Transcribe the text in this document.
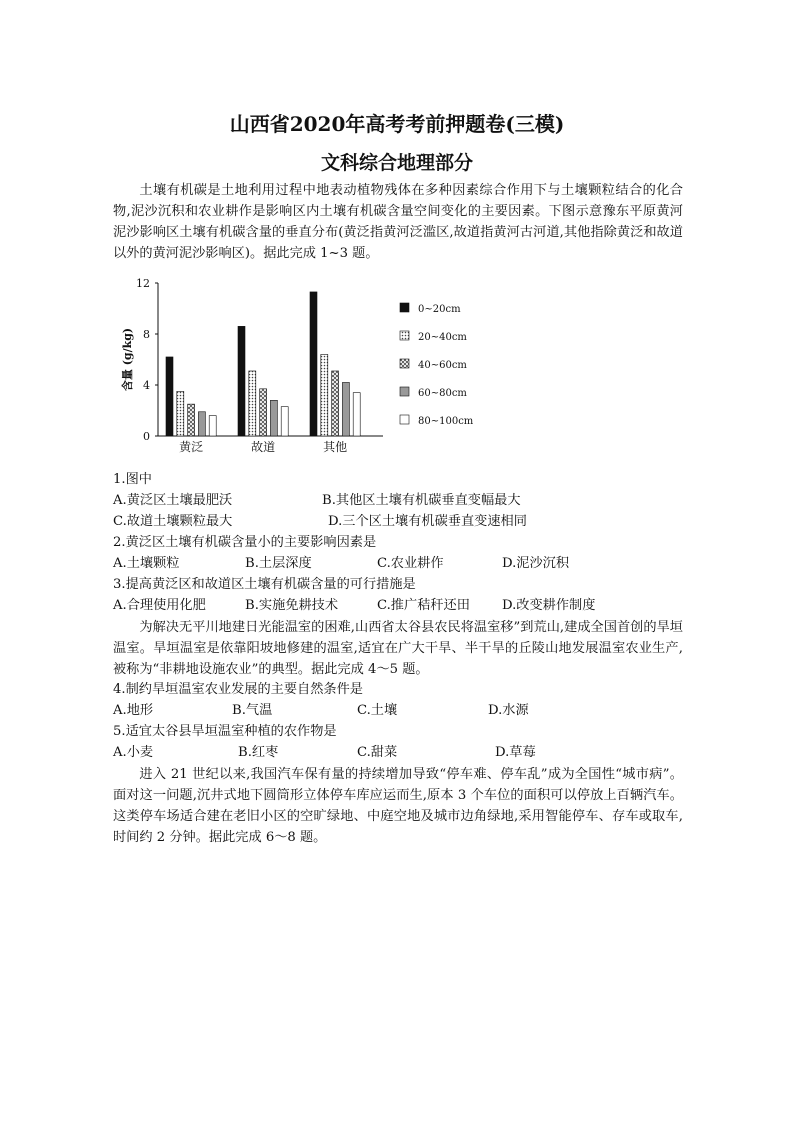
山西省2020年高考考前押题卷(三模)
文科综合地理部分

土壤有机碳是土地利用过程中地表动植物残体在多种因素综合作用下与土壤颗粒结合的化合物,泥沙沉积和农业耕作是影响区内土壤有机碳含量空间变化的主要因素。下图示意豫东平原黄河泥沙影响区土壤有机碳含量的垂直分布(黄泛指黄河泛滥区,故道指黄河古河道,其他指除黄泛和故道以外的黄河泥沙影响区)。据此完成 1~3 题。

0
4
8
12
含量 (g/kg)
黄泛	故道	其他
0~20cm
20~40cm
40~60cm
60~80cm
80~100cm
1.图中
A.黄泛区土壤最肥沃	B.其他区土壤有机碳垂直变幅最大
C.故道土壤颗粒最大	D.三个区土壤有机碳垂直变速相同
2.黄泛区土壤有机碳含量小的主要影响因素是
A.土壤颗粒	B.土层深度	C.农业耕作	D.泥沙沉积
3.提高黄泛区和故道区土壤有机碳含量的可行措施是
A.合理使用化肥	B.实施免耕技术	C.推广秸秆还田 D.改变耕作制度

为解决无平川地建日光能温室的困难,山西省太谷县农民将温室移”到荒山,建成全国首创的旱垣温室。旱垣温室是依靠阳坡地修建的温室,适宜在广大干旱、半干旱的丘陵山地发展温室农业生产,被称为“非耕地设施农业”的典型。据此完成 4～5 题。

4.制约旱垣温室农业发展的主要自然条件是
A.地形	B.气温	C.土壤	D.水源
5.适宜太谷县旱垣温室种植的农作物是
A.小麦	B.红枣	C.甜菜	D.草莓

进入 21 世纪以来,我国汽车保有量的持续增加导致“停车难、停车乱”成为全国性“城市病”。面对这一问题,沉井式地下圆筒形立体停车库应运而生,原本 3 个车位的面积可以停放上百辆汽车。这类停车场适合建在老旧小区的空旷绿地、中庭空地及城市边角绿地,采用智能停车、存车或取车,时间约 2 分钟。据此完成 6～8 题。
